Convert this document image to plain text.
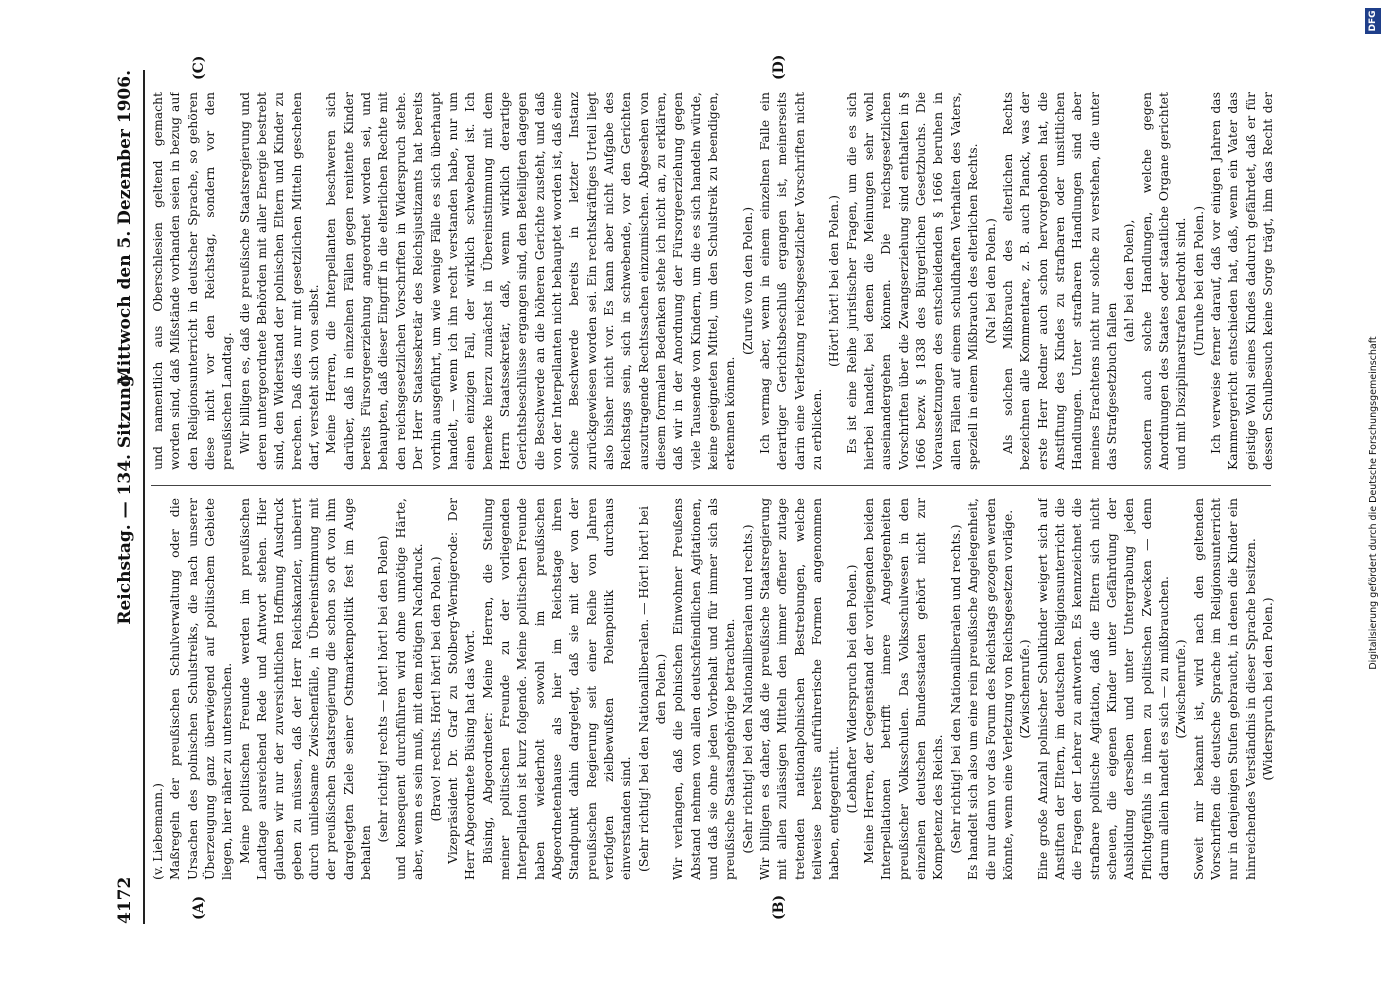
4172
Reichstag. — 134. Sitzung.
Mittwoch den 5. Dezember 1906.
(A)	(B)
(C)	(D)

(v. Liebemann.) Maßregeln der preußischen Schulverwaltung oder die Ursachen des polnischen Schulstreiks, die nach unserer Überzeugung ganz überwiegend auf politischem Gebiete liegen, hier näher zu untersuchen. Meine politischen Freunde werden im preußischen Landtage ausreichend Rede und Antwort stehen. Hier glauben wir nur der zuversichtlichen Hoffnung Ausdruck geben zu müssen, daß der Herr Reichskanzler, unbeirrt durch unliebsame Zwischenfälle, in Übereinstimmung mit der preußischen Staatsregierung die schon so oft von ihm dargelegten Ziele seiner Ostmarkenpolitik fest im Auge behalten

(sehr richtig! rechts — hört! hört! bei den Polen) und konsequent durchführen wird ohne unnötige Härte, aber, wenn es sein muß, mit dem nötigen Nachdruck. (Bravo! rechts. Hört! hört! bei den Polen.) Vizepräsident Dr. Graf zu Stolberg-Wernigerode: Der Herr Abgeordnete Büsing hat das Wort. Büsing, Abgeordneter: Meine Herren, die Stellung meiner politischen Freunde zu der vorliegenden Interpellation ist kurz folgende. Meine politischen Freunde haben wiederholt sowohl im preußischen Abgeordnetenhause als hier im Reichstage ihren Standpunkt dahin dargelegt, daß sie mit der von der preußischen Regierung seit einer Reihe von Jahren verfolgten zielbewußten Polenpolitik durchaus einverstanden sind. (Sehr richtig! bei den Nationalliberalen. — Hört! hört! bei den Polen.) Wir verlangen, daß die polnischen Einwohner Preußens Abstand nehmen von allen deutschfeindlichen Agitationen, und daß sie ohne jeden Vorbehalt und für immer sich als preußische Staatsangehörige betrachten. (Sehr richtig! bei den Nationalliberalen und rechts.) Wir billigen es daher, daß die preußische Staatsregierung mit allen zulässigen Mitteln den immer offener zutage tretenden nationalpolnischen Bestrebungen, welche teilweise bereits aufrührerische Formen angenommen haben, entgegentritt. (Lebhafter Widerspruch bei den Polen.) Meine Herren, der Gegenstand der vorliegenden beiden Interpellationen betrifft innere Angelegenheiten preußischer Volksschulen. Das Volksschulwesen in den einzelnen deutschen Bundesstaaten gehört nicht zur Kompetenz des Reichs. (Sehr richtig! bei den Nationalliberalen und rechts.) Es handelt sich also um eine rein preußische Angelegenheit, die nur dann vor das Forum des Reichstags gezogen werden könnte, wenn eine Verletzung von Reichsgesetzen vorläge. (Zwischenrufe.) Eine große Anzahl polnischer Schulkinder weigert sich auf Anstiften der Eltern, im deutschen Religionsunterricht die die Fragen der Lehrer zu antworten. Es kennzeichnet die strafbare politische Agitation, daß die Eltern sich nicht scheuen, die eigenen Kinder unter Gefährdung der Ausbildung derselben und unter Untergrabung jeden Pflichtgefühls in ihnen zu politischen Zwecken — denn darum allein handelt es sich — zu mißbrauchen. (Zwischenrufe.) Soweit mir bekannt ist, wird nach den geltenden Vorschriften die deutsche Sprache im Religionsunterricht nur in denjenigen Stufen gebraucht, in denen die Kinder ein hinreichendes Verständnis in dieser Sprache besitzen. (Widerspruch bei den Polen.)

und namentlich aus Oberschlesien geltend gemacht worden sind, daß Mißstände vorhanden seien in bezug auf den Religionsunterricht in deutscher Sprache, so gehören diese nicht vor den Reichstag, sondern vor den preußischen Landtag. Wir billigen es, daß die preußische Staatsregierung und deren untergeordnete Behörden mit aller Energie bestrebt sind, den Widerstand der polnischen Eltern und Kinder zu brechen. Daß dies nur mit gesetzlichen Mitteln geschehen darf, versteht sich von selbst. Meine Herren, die Interpellanten beschweren sich darüber, daß in einzelnen Fällen gegen renitente Kinder bereits Fürsorgeerziehung angeordnet worden sei, und behaupten, daß dieser Eingriff in die elterlichen Rechte mit den reichsgesetzlichen Vorschriften in Widerspruch stehe. Der Herr Staatssekretär des Reichsjustizamts hat bereits vorhin ausgeführt, um wie wenige Fälle es sich überhaupt handelt, — wenn ich ihn recht verstanden habe, nur um einen einzigen Fall, der wirklich schwebend ist. Ich bemerke hierzu zunächst in Übereinstimmung mit dem Herrn Staatssekretär, daß, wenn wirklich derartige Gerichtsbeschlüsse ergangen sind, den Beteiligten dagegen die Beschwerde an die höheren Gerichte zusteht, und daß von der Interpellanten nicht behauptet worden ist, daß eine solche Beschwerde bereits in letzter Instanz zurückgewiesen worden sei. Ein rechtskräftiges Urteil liegt also bisher nicht vor. Es kann aber nicht Aufgabe des Reichstags sein, sich in schwebende, vor den Gerichten auszutragende Rechtssachen einzumischen. Abgesehen von diesem formalen Bedenken stehe ich nicht an, zu erklären, daß wir in der Anordnung der Fürsorgeerziehung gegen viele Tausende von Kindern, um die es sich handeln würde, keine geeigneten Mittel, um den Schulstreik zu beendigen, erkennen können.

(Zurufe von den Polen.) Ich vermag aber, wenn in einem einzelnen Falle ein derartiger Gerichtsbeschluß ergangen ist, meinerseits darin eine Verletzung reichsgesetzlicher Vorschriften nicht zu erblicken.

(Hört! hört! bei den Polen.) Es ist eine Reihe juristischer Fragen, um die es sich hierbei handelt, bei denen die Meinungen sehr wohl auseinandergehen können. Die reichsgesetzlichen Vorschriften über die Zwangserziehung sind enthalten in § 1666 bezw. § 1838 des Bürgerlichen Gesetzbuchs. Die Voraussetzungen des entscheidenden § 1666 beruhen in allen Fällen auf einem schuldhaften Verhalten des Vaters, speziell in einem Mißbrauch des elterlichen Rechts. (Na! bei den Polen.) Als solchen Mißbrauch des elterlichen Rechts bezeichnen alle Kommentare, z. B. auch Planck, was der erste Herr Redner auch schon hervorgehoben hat, die Anstiftung des Kindes zu strafbaren oder unsittlichen Handlungen. Unter strafbaren Handlungen sind aber meines Erachtens nicht nur solche zu verstehen, die unter das Strafgesetzbuch fallen

(ah! bei den Polen), sondern auch solche Handlungen, welche gegen Anordnungen des Staates oder staatliche Organe gerichtet und mit Disziplinarstrafen bedroht sind. (Unruhe bei den Polen.)

Ich verweise ferner darauf, daß vor einigen Jahren das Kammergericht entschieden hat, daß, wenn ein Vater das geistige Wohl seines Kindes dadurch gefährdet, daß er für dessen Schulbesuch keine Sorge trägt, ihm das Recht der

Digitalisierung gefördert durch die Deutsche Forschungsgemeinschaft
DFG
